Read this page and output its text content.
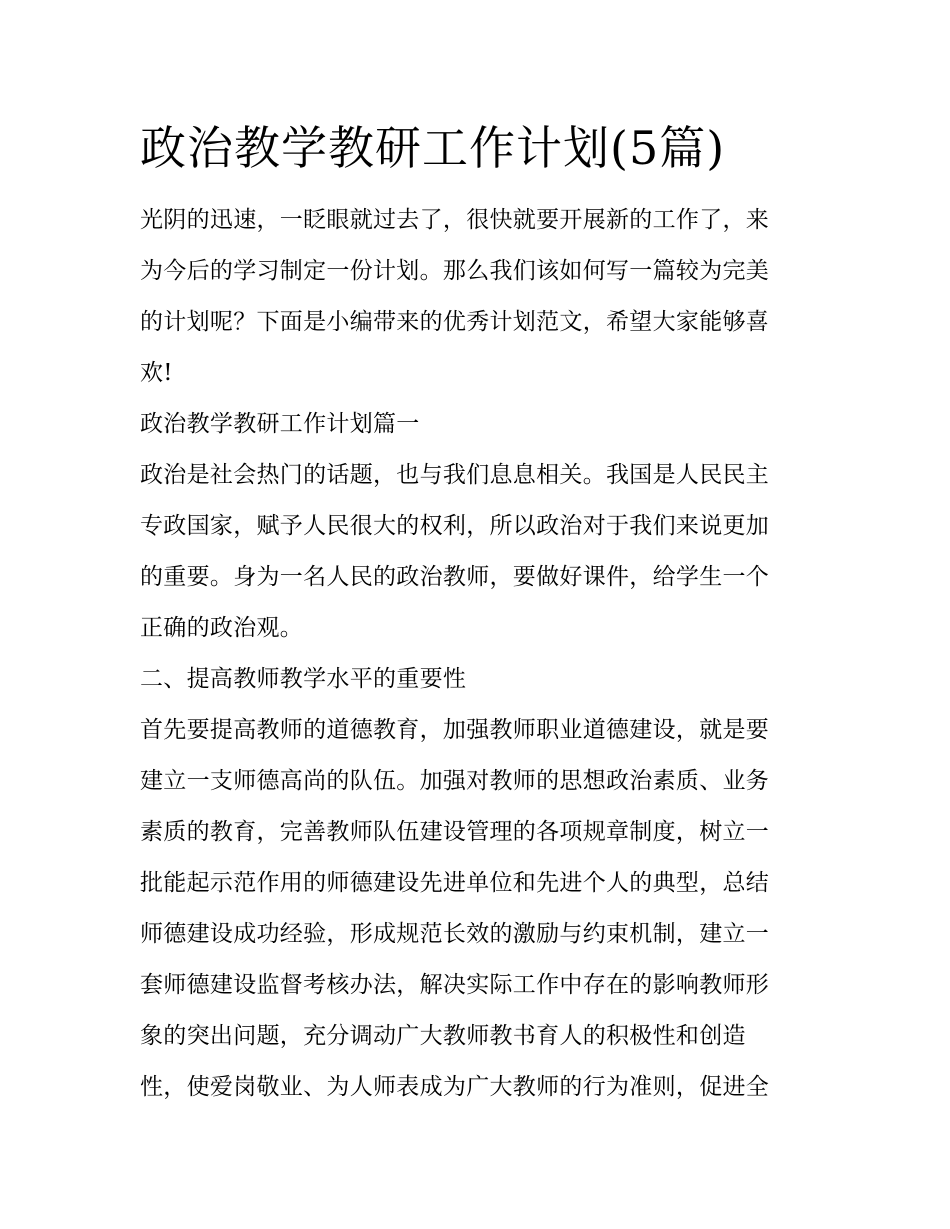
政治教学教研工作计划(5篇)
光阴的迅速，一眨眼就过去了，很快就要开展新的工作了，来
为今后的学习制定一份计划。那么我们该如何写一篇较为完美
的计划呢？下面是小编带来的优秀计划范文，希望大家能够喜
欢!
政治教学教研工作计划篇一
政治是社会热门的话题，也与我们息息相关。我国是人民民主
专政国家，赋予人民很大的权利，所以政治对于我们来说更加
的重要。身为一名人民的政治教师，要做好课件，给学生一个
正确的政治观。
二、提高教师教学水平的重要性
首先要提高教师的道德教育，加强教师职业道德建设，就是要
建立一支师德高尚的队伍。加强对教师的思想政治素质、业务
素质的教育，完善教师队伍建设管理的各项规章制度，树立一
批能起示范作用的师德建设先进单位和先进个人的典型，总结
师德建设成功经验，形成规范长效的激励与约束机制，建立一
套师德建设监督考核办法，解决实际工作中存在的影响教师形
象的突出问题，充分调动广大教师教书育人的积极性和创造
性，使爱岗敬业、为人师表成为广大教师的行为准则，促进全
